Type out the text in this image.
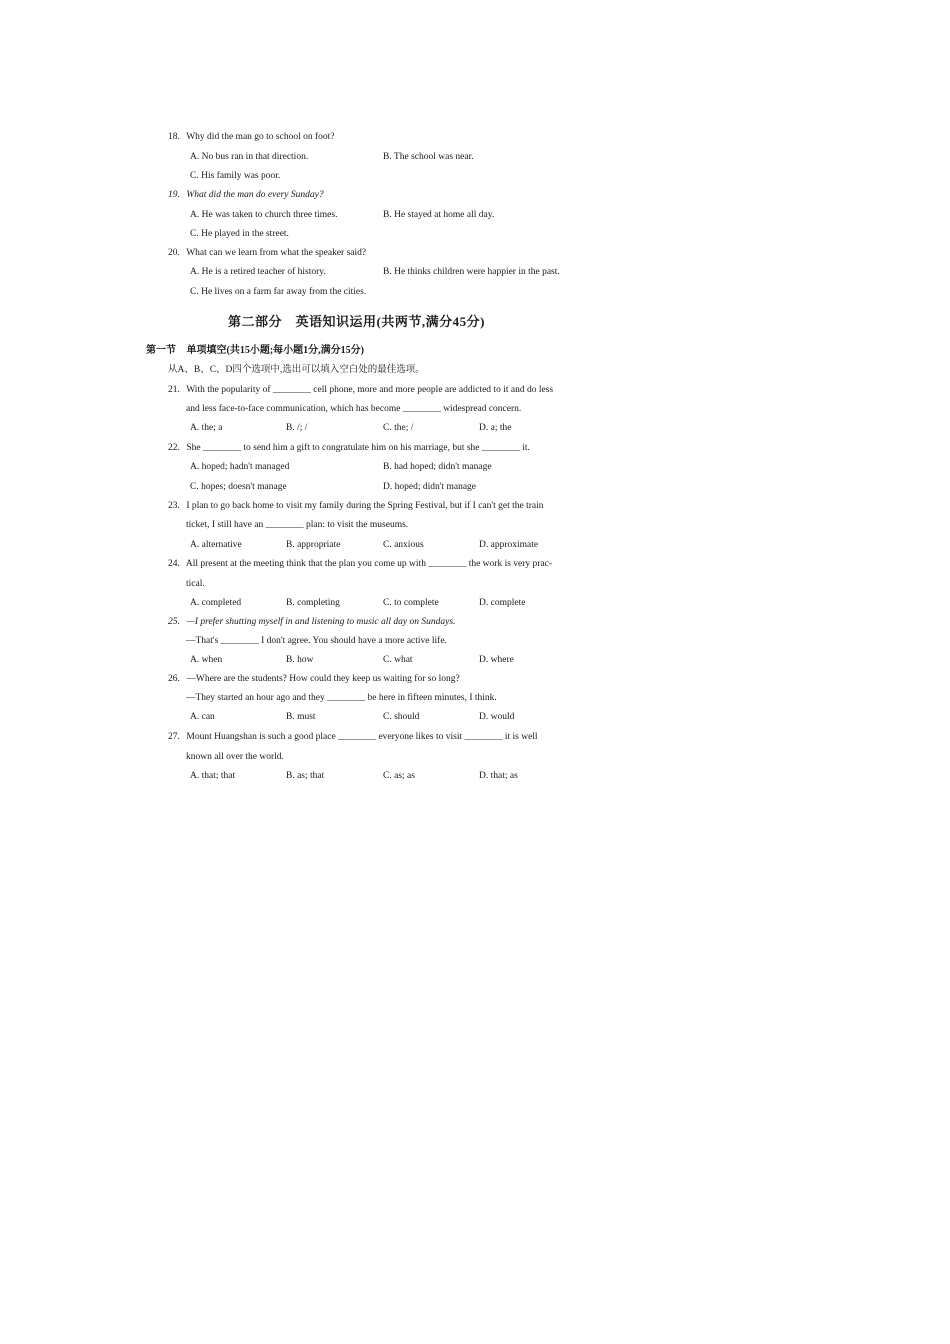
18. Why did the man go to school on foot?
A. No bus ran in that direction.	B. The school was near.
C. His family was poor.
19. What did the man do every Sunday?
A. He was taken to church three times.	B. He stayed at home all day.
C. He played in the street.
20. What can we learn from what the speaker said?
A. He is a retired teacher of history.	B. He thinks children were happier in the past.
C. He lives on a farm far away from the cities.
第二部分　英语知识运用(共两节,满分45分)
第一节 单项填空(共15小题;每小题1分,满分15分)
从A、B、C、D四个选项中,选出可以填入空白处的最佳选项。
21. With the popularity of ________ cell phone, more and more people are addicted to it and do less
and less face-to-face communication, which has become ________ widespread concern.
A. the; a	B. /; /	C. the; /	D. a; the
22. She ________ to send him a gift to congratulate him on his marriage, but she ________ it.
A. hoped; hadn't managed	B. had hoped; didn't manage
C. hopes; doesn't manage	D. hoped; didn't manage
23. I plan to go back home to visit my family during the Spring Festival, but if I can't get the train
ticket, I still have an ________ plan: to visit the museums.
A. alternative	B. appropriate	C. anxious	D. approximate
24. All present at the meeting think that the plan you come up with ________ the work is very prac-
tical.
A. completed	B. completing	C. to complete	D. complete
25. —I prefer shutting myself in and listening to music all day on Sundays.
—That's ________ I don't agree. You should have a more active life.
A. when	B. how	C. what	D. where
26. —Where are the students? How could they keep us waiting for so long?
—They started an hour ago and they ________ be here in fifteen minutes, I think.
A. can	B. must	C. should	D. would
27. Mount Huangshan is such a good place ________ everyone likes to visit ________ it is well
known all over the world.
A. that; that	B. as; that	C. as; as	D. that; as
